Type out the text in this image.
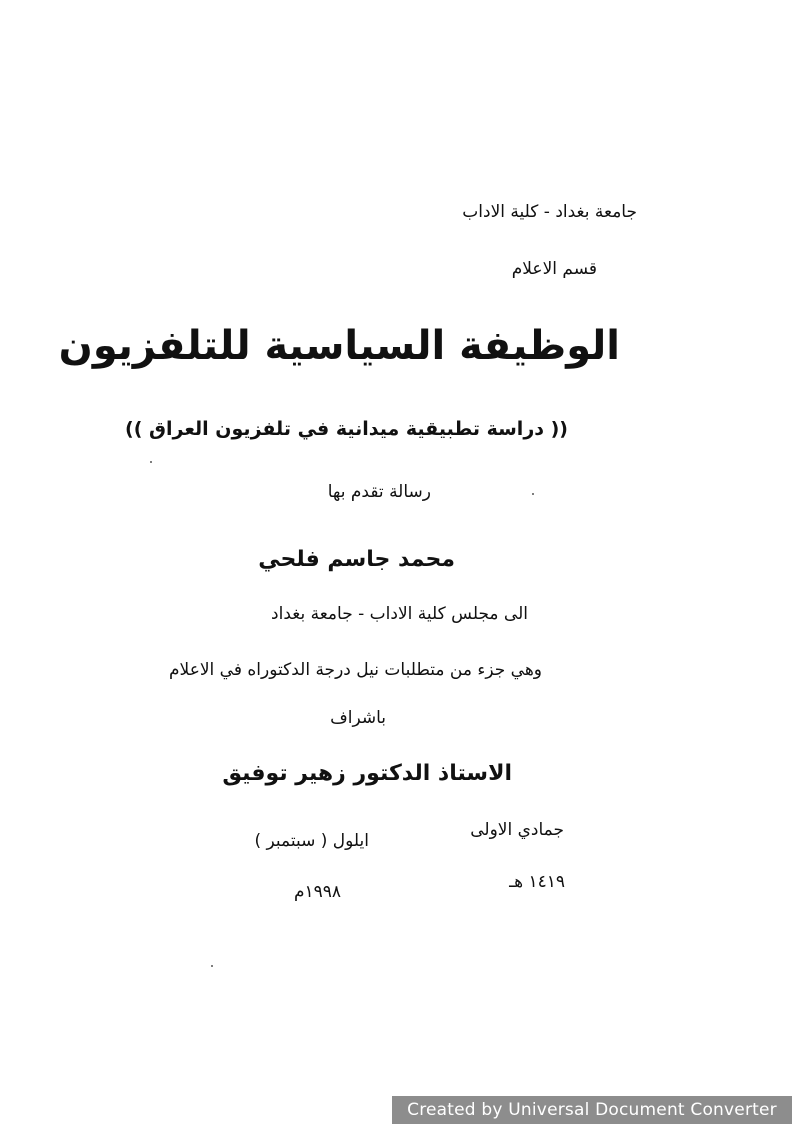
جامعة بغداد - كلية الاداب
قسم الاعلام
الوظيفة السياسية للتلفزيون
(( دراسة تطبيقية ميدانية في تلفزيون العراق ))
رسالة تقدم بها
محمد جاسم فلحي
الى مجلس كلية الاداب - جامعة بغداد
وهي جزء من متطلبات نيل درجة الدكتوراه في الاعلام
باشراف
الاستاذ الدكتور زهير توفيق
جمادي الاولى
ايلول ( سبتمبر )
١٤١٩ هـ
١٩٩٨م
Created by Universal Document Converter
